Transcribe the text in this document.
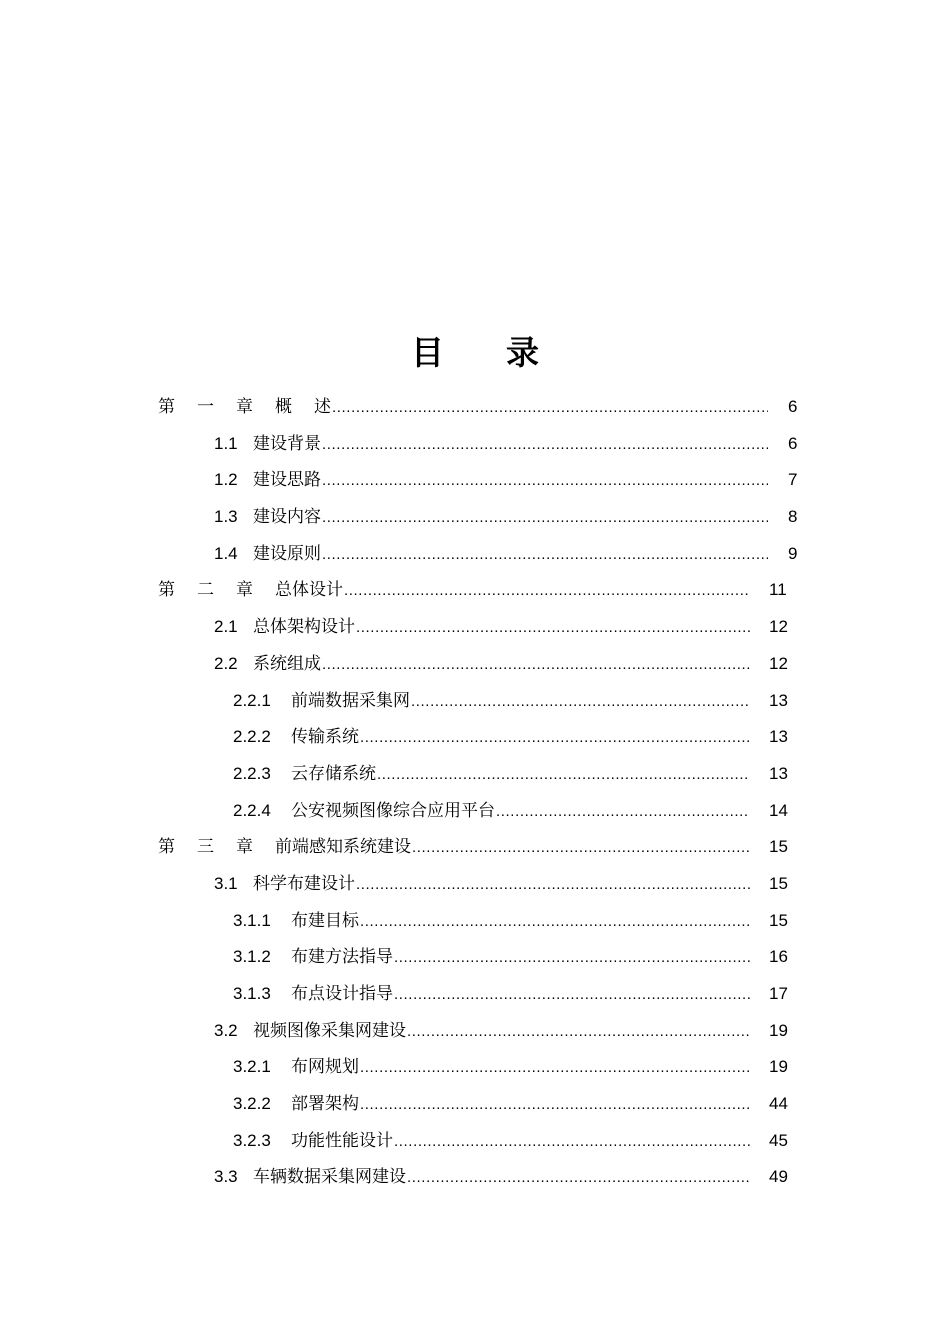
目 录
第 一 章 概 述 .....	6
1.1 建设背景 .....	6
1.2 建设思路 .....	7
1.3 建设内容 .....	8
1.4 建设原则 .....	9
第 二 章 总体设计 .....	11
2.1 总体架构设计 .....	12
2.2 系统组成 .....	12
2.2.1	前端数据采集网 .....	13
2.2.2	传输系统 .....	13
2.2.3	云存储系统 .....	13
2.2.4	公安视频图像综合应用平台 .....	14
第 三 章 前端感知系统建设 .....	15
3.1 科学布建设计 .....	15
3.1.1	布建目标 .....	15
3.1.2	布建方法指导 .....	16
3.1.3	布点设计指导 .....	17
3.2 视频图像采集网建设 .....	19
3.2.1	布网规划 .....	19
3.2.2	部署架构 .....	44
3.2.3	功能性能设计 .....	45
3.3 车辆数据采集网建设 .....	49
